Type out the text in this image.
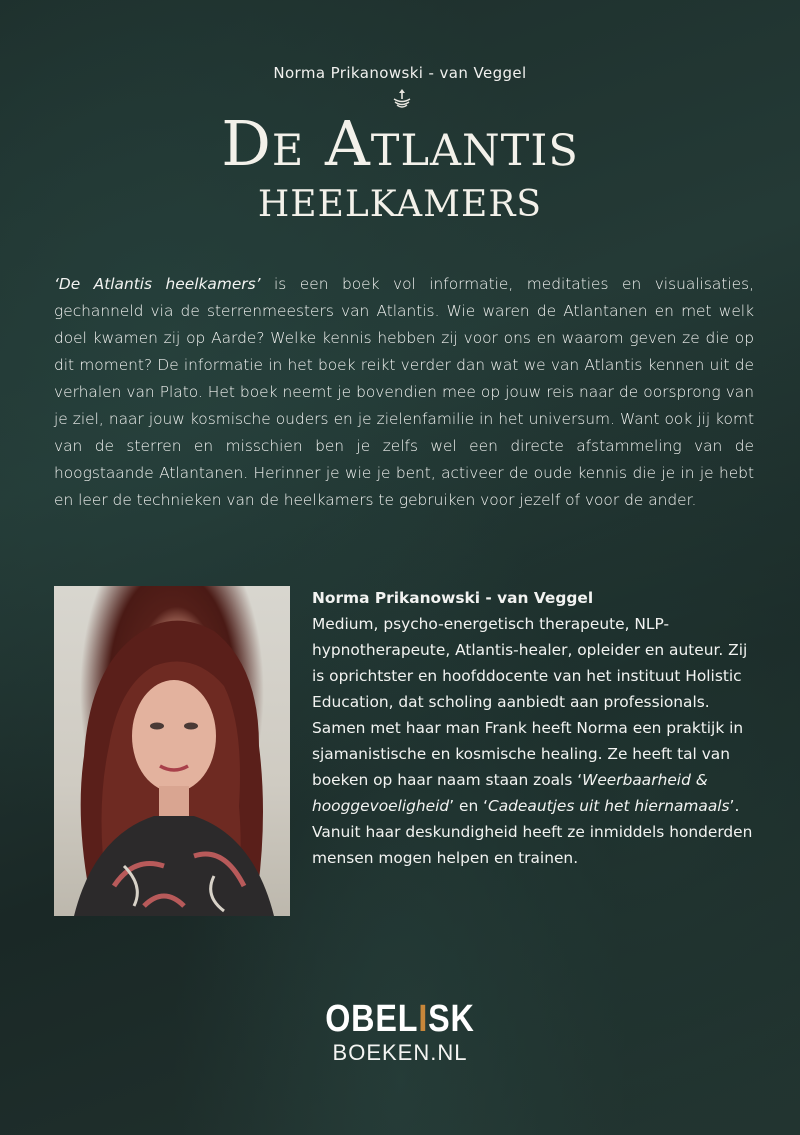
Norma Prikanowski - van Veggel
De Atlantis
heelkamers

‘De Atlantis heelkamers’ is een boek vol informatie, meditaties en visualisaties, gechanneld via de sterrenmeesters van Atlantis. Wie waren de Atlantanen en met welk doel kwamen zij op Aarde? Welke kennis hebben zij voor ons en waarom geven ze die op dit moment? De informatie in het boek reikt verder dan wat we van Atlantis kennen uit de verhalen van Plato. Het boek neemt je bovendien mee op jouw reis naar de oorsprong van je ziel, naar jouw kosmische ouders en je zielenfamilie in het universum. Want ook jij komt van de sterren en misschien ben je zelfs wel een directe afstammeling van de hoogstaande Atlantanen. Herinner je wie je bent, activeer de oude kennis die je in je hebt en leer de technieken van de heelkamers te gebruiken voor jezelf of voor de ander.

Norma Prikanowski - van Veggel
Medium, psycho-energetisch therapeute, NLP-hypnotherapeute, Atlantis-healer, opleider en auteur. Zij is oprichtster en hoofddocente van het instituut Holistic Education, dat scholing aanbiedt aan professionals. Samen met haar man Frank heeft Norma een praktijk in sjamanistische en kosmische healing. Ze heeft tal van boeken op haar naam staan zoals ‘Weerbaarheid & hooggevoeligheid’ en ‘Cadeautjes uit het hiernamaals’. Vanuit haar deskundigheid heeft ze inmiddels honderden mensen mogen helpen en trainen.

OBELISK
BOEKEN.NL
